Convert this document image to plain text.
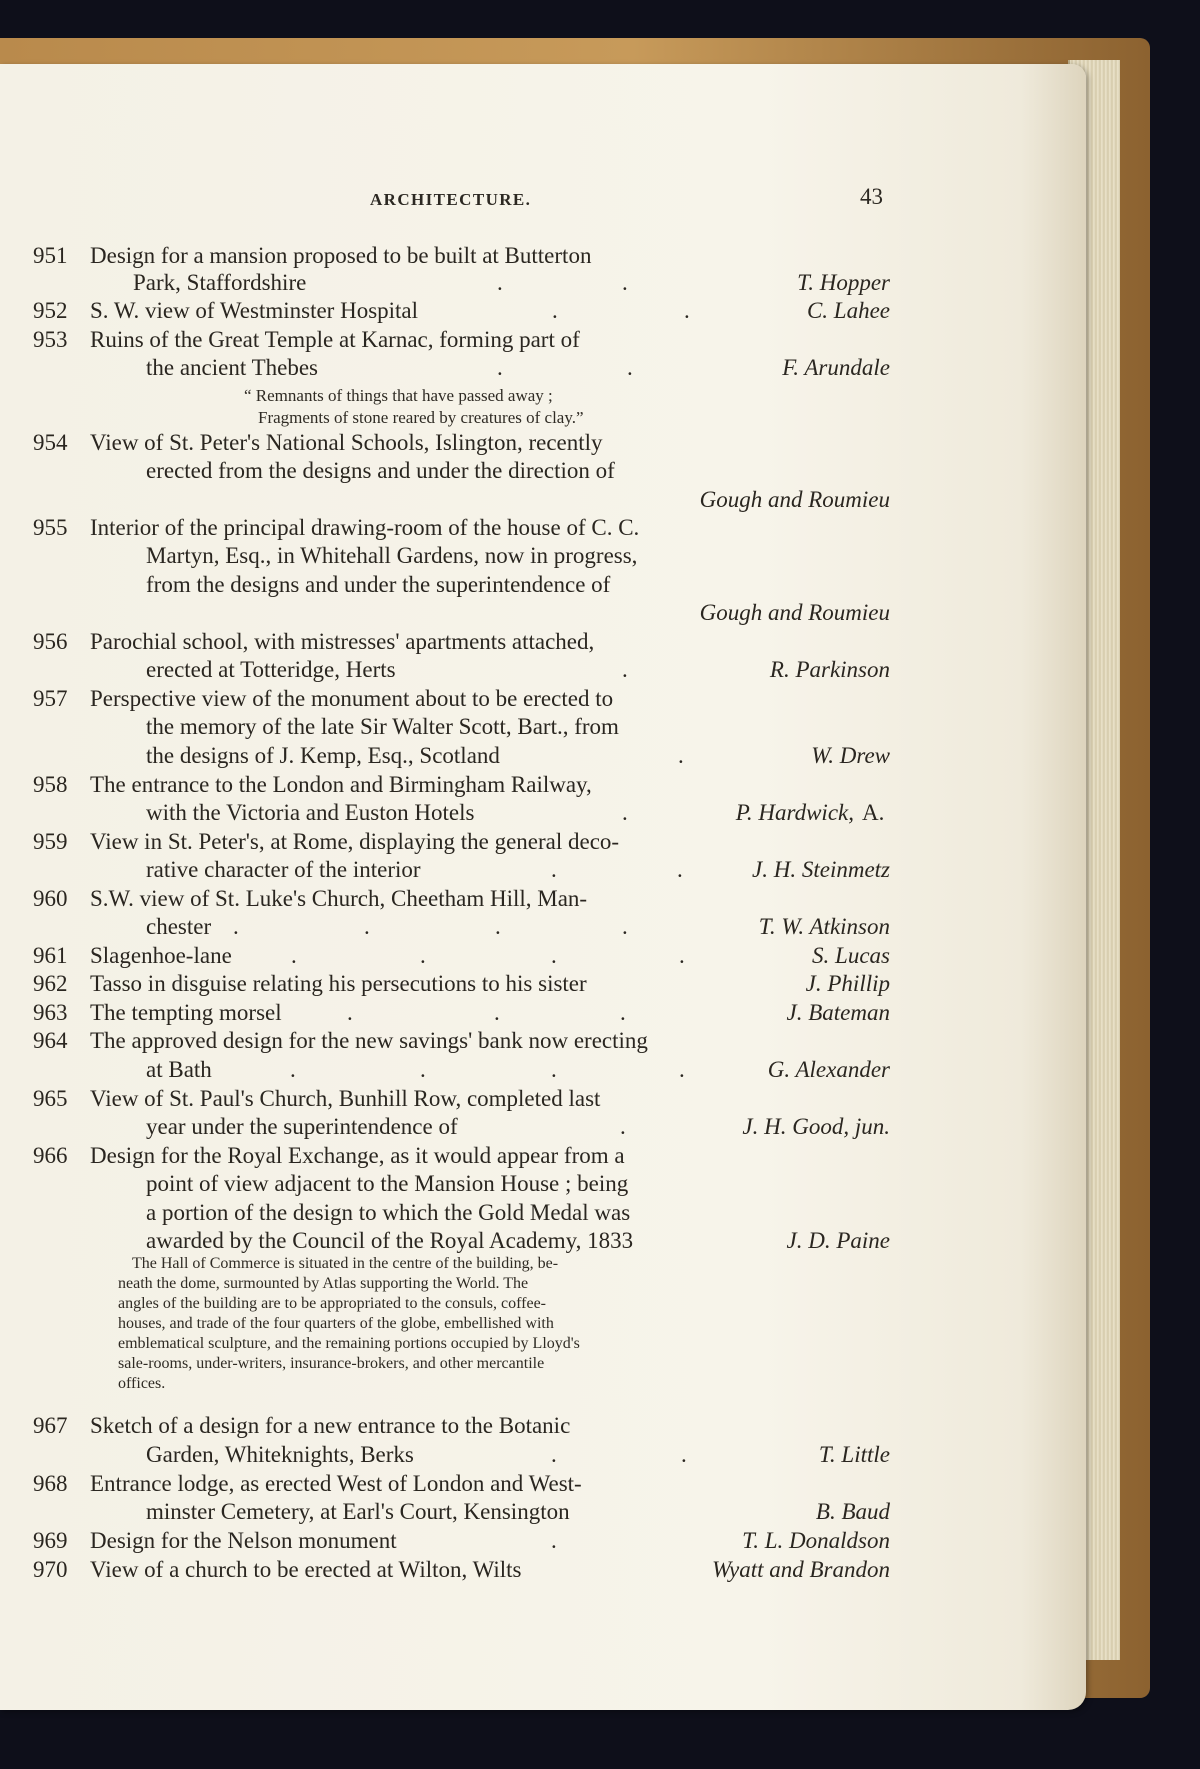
ARCHITECTURE.	43
951 Design for a mansion proposed to be built at Butterton
Park, Staffordshire	.	.	T. Hopper
952 S. W. view of Westminster Hospital	.	.	C. Lahee
953 Ruins of the Great Temple at Karnac, forming part of
the ancient Thebes	.	.	F. Arundale
“ Remnants of things that have passed away ;
Fragments of stone reared by creatures of clay.”
954 View of St. Peter's National Schools, Islington, recently
erected from the designs and under the direction of
Gough and Roumieu
955 Interior of the principal drawing-room of the house of C. C.
Martyn, Esq., in Whitehall Gardens, now in progress,
from the designs and under the superintendence of
Gough and Roumieu
956 Parochial school, with mistresses' apartments attached,
erected at Totteridge, Herts	.	R. Parkinson
957 Perspective view of the monument about to be erected to
the memory of the late Sir Walter Scott, Bart., from
the designs of J. Kemp, Esq., Scotland	.	W. Drew
958 The entrance to the London and Birmingham Railway,
with the Victoria and Euston Hotels	.	P. Hardwick, A.
959 View in St. Peter's, at Rome, displaying the general deco-
rative character of the interior	.	.	J. H. Steinmetz
960 S.W. view of St. Luke's Church, Cheetham Hill, Man-
chester .	.	.	.	T. W. Atkinson
961 Slagenhoe-lane	.	.	.	.	S. Lucas
962 Tasso in disguise relating his persecutions to his sister	J. Phillip
963 The tempting morsel	.	.	.	J. Bateman
964 The approved design for the new savings' bank now erecting
at Bath	.	.	.	.	G. Alexander
965 View of St. Paul's Church, Bunhill Row, completed last
year under the superintendence of	.	J. H. Good, jun.
966 Design for the Royal Exchange, as it would appear from a
point of view adjacent to the Mansion House ; being
a portion of the design to which the Gold Medal was
awarded by the Council of the Royal Academy, 1833	J. D. Paine
The Hall of Commerce is situated in the centre of the building, be-
neath the dome, surmounted by Atlas supporting the World. The
angles of the building are to be appropriated to the consuls, coffee-
houses, and trade of the four quarters of the globe, embellished with
emblematical sculpture, and the remaining portions occupied by Lloyd's
sale-rooms, under-writers, insurance-brokers, and other mercantile
offices.
967 Sketch of a design for a new entrance to the Botanic
Garden, Whiteknights, Berks	.	.	T. Little
968 Entrance lodge, as erected West of London and West-
minster Cemetery, at Earl's Court, Kensington	B. Baud
969 Design for the Nelson monument	.	T. L. Donaldson
970 View of a church to be erected at Wilton, Wilts	Wyatt and Brandon
